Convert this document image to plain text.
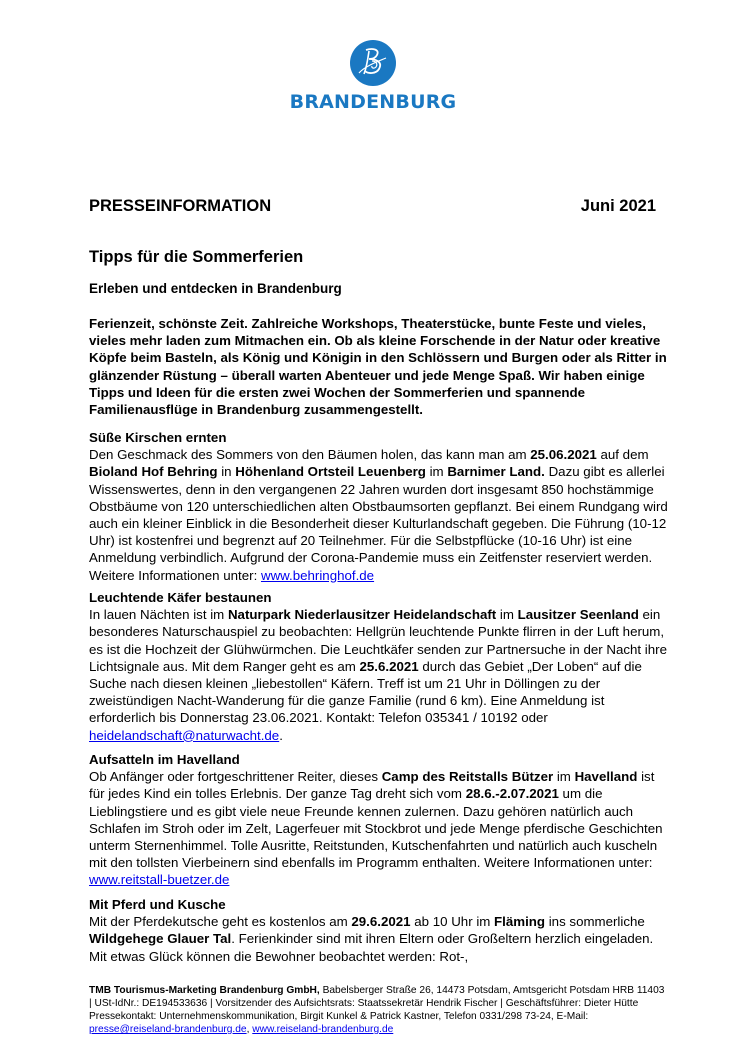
BRANDENBURG
PRESSEINFORMATION	Juni 2021
Tipps für die Sommerferien
Erleben und entdecken in Brandenburg
Ferienzeit, schönste Zeit. Zahlreiche Workshops, Theaterstücke, bunte Feste und vieles, vieles mehr laden zum Mitmachen ein. Ob als kleine Forschende in der Natur oder kreative Köpfe beim Basteln, als König und Königin in den Schlössern und Burgen oder als Ritter in glänzender Rüstung – überall warten Abenteuer und jede Menge Spaß. Wir haben einige Tipps und Ideen für die ersten zwei Wochen der Sommerferien und spannende Familienausflüge in Brandenburg zusammengestellt.
Süße Kirschen ernten

Den Geschmack des Sommers von den Bäumen holen, das kann man am 25.06.2021 auf dem Bioland Hof Behring in Höhenland Ortsteil Leuenberg im Barnimer Land. Dazu gibt es allerlei Wissenswertes, denn in den vergangenen 22 Jahren wurden dort insgesamt 850 hochstämmige Obstbäume von 120 unterschiedlichen alten Obstbaumsorten gepflanzt. Bei einem Rundgang wird auch ein kleiner Einblick in die Besonderheit dieser Kulturlandschaft gegeben. Die Führung (10-12 Uhr) ist kostenfrei und begrenzt auf 20 Teilnehmer. Für die Selbstpflücke (10-16 Uhr) ist eine Anmeldung verbindlich. Aufgrund der Corona-Pandemie muss ein Zeitfenster reserviert werden. Weitere Informationen unter: www.behringhof.de

Leuchtende Käfer bestaunen

In lauen Nächten ist im Naturpark Niederlausitzer Heidelandschaft im Lausitzer Seenland ein besonderes Naturschauspiel zu beobachten: Hellgrün leuchtende Punkte flirren in der Luft herum, es ist die Hochzeit der Glühwürmchen. Die Leuchtkäfer senden zur Partnersuche in der Nacht ihre Lichtsignale aus. Mit dem Ranger geht es am 25.6.2021 durch das Gebiet „Der Loben“ auf die Suche nach diesen kleinen „liebestollen“ Käfern. Treff ist um 21 Uhr in Döllingen zu der zweistündigen Nacht-Wanderung für die ganze Familie (rund 6 km). Eine Anmeldung ist erforderlich bis Donnerstag 23.06.2021. Kontakt: Telefon 035341 / 10192 oder heidelandschaft@naturwacht.de.

Aufsatteln im Havelland

Ob Anfänger oder fortgeschrittener Reiter, dieses Camp des Reitstalls Bützer im Havelland ist für jedes Kind ein tolles Erlebnis. Der ganze Tag dreht sich vom 28.6.-2.07.2021 um die Lieblingstiere und es gibt viele neue Freunde kennen zulernen. Dazu gehören natürlich auch Schlafen im Stroh oder im Zelt, Lagerfeuer mit Stockbrot und jede Menge pferdische Geschichten unterm Sternenhimmel. Tolle Ausritte, Reitstunden, Kutschenfahrten und natürlich auch kuscheln mit den tollsten Vierbeinern sind ebenfalls im Programm enthalten. Weitere Informationen unter: www.reitstall-buetzer.de

Mit Pferd und Kusche

Mit der Pferdekutsche geht es kostenlos am 29.6.2021 ab 10 Uhr im Fläming ins sommerliche Wildgehege Glauer Tal. Ferienkinder sind mit ihren Eltern oder Großeltern herzlich eingeladen. Mit etwas Glück können die Bewohner beobachtet werden: Rot-,

TMB Tourismus-Marketing Brandenburg GmbH, Babelsberger Straße 26, 14473 Potsdam, Amtsgericht Potsdam HRB 11403 | USt-IdNr.: DE194533636 | Vorsitzender des Aufsichtsrats: Staatssekretär Hendrik Fischer | Geschäftsführer: Dieter Hütte Pressekontakt: Unternehmenskommunikation, Birgit Kunkel & Patrick Kastner, Telefon 0331/298 73-24, E-Mail: presse@reiseland-brandenburg.de, www.reiseland-brandenburg.de
